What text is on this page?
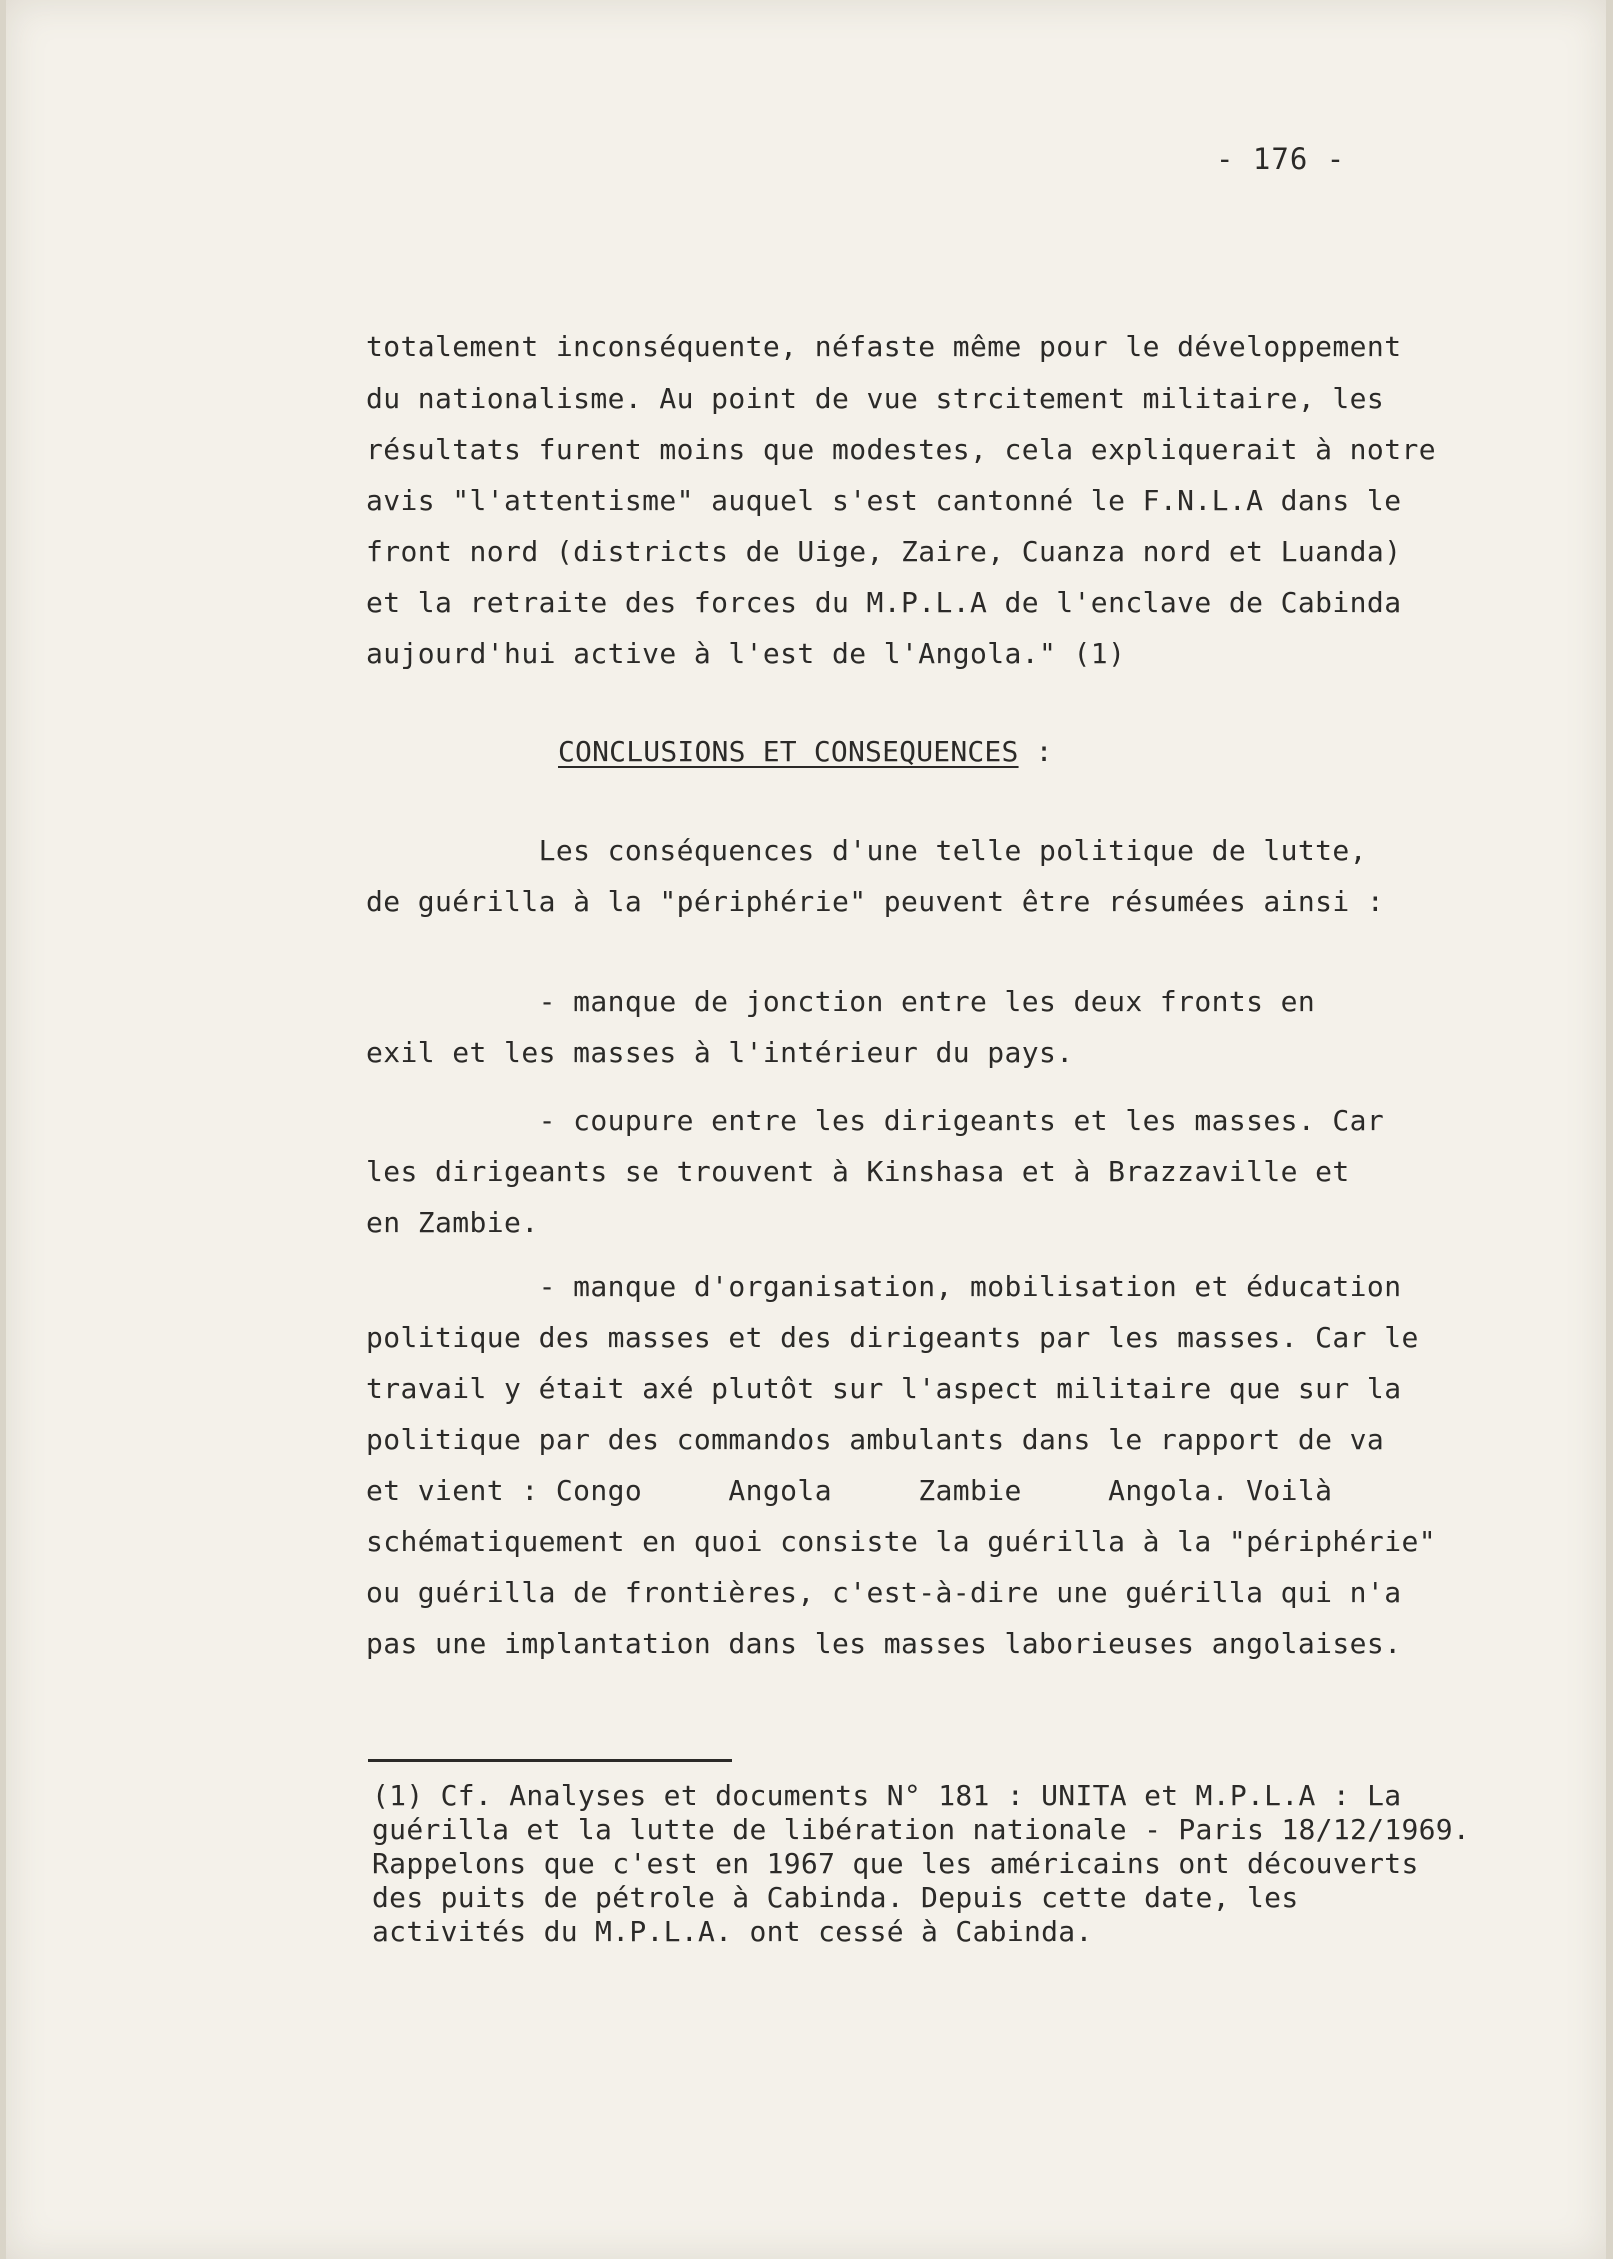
- 176 -
totalement inconséquente, néfaste même pour le développement
du nationalisme. Au point de vue strcitement militaire, les
résultats furent moins que modestes, cela expliquerait à notre
avis "l'attentisme" auquel s'est cantonné le F.N.L.A dans le
front nord (districts de Uige, Zaire, Cuanza nord et Luanda)
et la retraite des forces du M.P.L.A de l'enclave de Cabinda
aujourd'hui active à l'est de l'Angola." (1)
CONCLUSIONS ET CONSEQUENCES :
Les conséquences d'une telle politique de lutte,
de guérilla à la "périphérie" peuvent être résumées ainsi :
- manque de jonction entre les deux fronts en
exil et les masses à l'intérieur du pays.
- coupure entre les dirigeants et les masses. Car
les dirigeants se trouvent à Kinshasa et à Brazzaville et
en Zambie.
- manque d'organisation, mobilisation et éducation
politique des masses et des dirigeants par les masses. Car le
travail y était axé plutôt sur l'aspect militaire que sur la
politique par des commandos ambulants dans le rapport de va
et vient : Congo     Angola     Zambie     Angola. Voilà
schématiquement en quoi consiste la guérilla à la "périphérie"
ou guérilla de frontières, c'est-à-dire une guérilla qui n'a
pas une implantation dans les masses laborieuses angolaises.
(1) Cf. Analyses et documents N° 181 : UNITA et M.P.L.A : La
guérilla et la lutte de libération nationale - Paris 18/12/1969.
Rappelons que c'est en 1967 que les américains ont découverts
des puits de pétrole à Cabinda. Depuis cette date, les
activités du M.P.L.A. ont cessé à Cabinda.
